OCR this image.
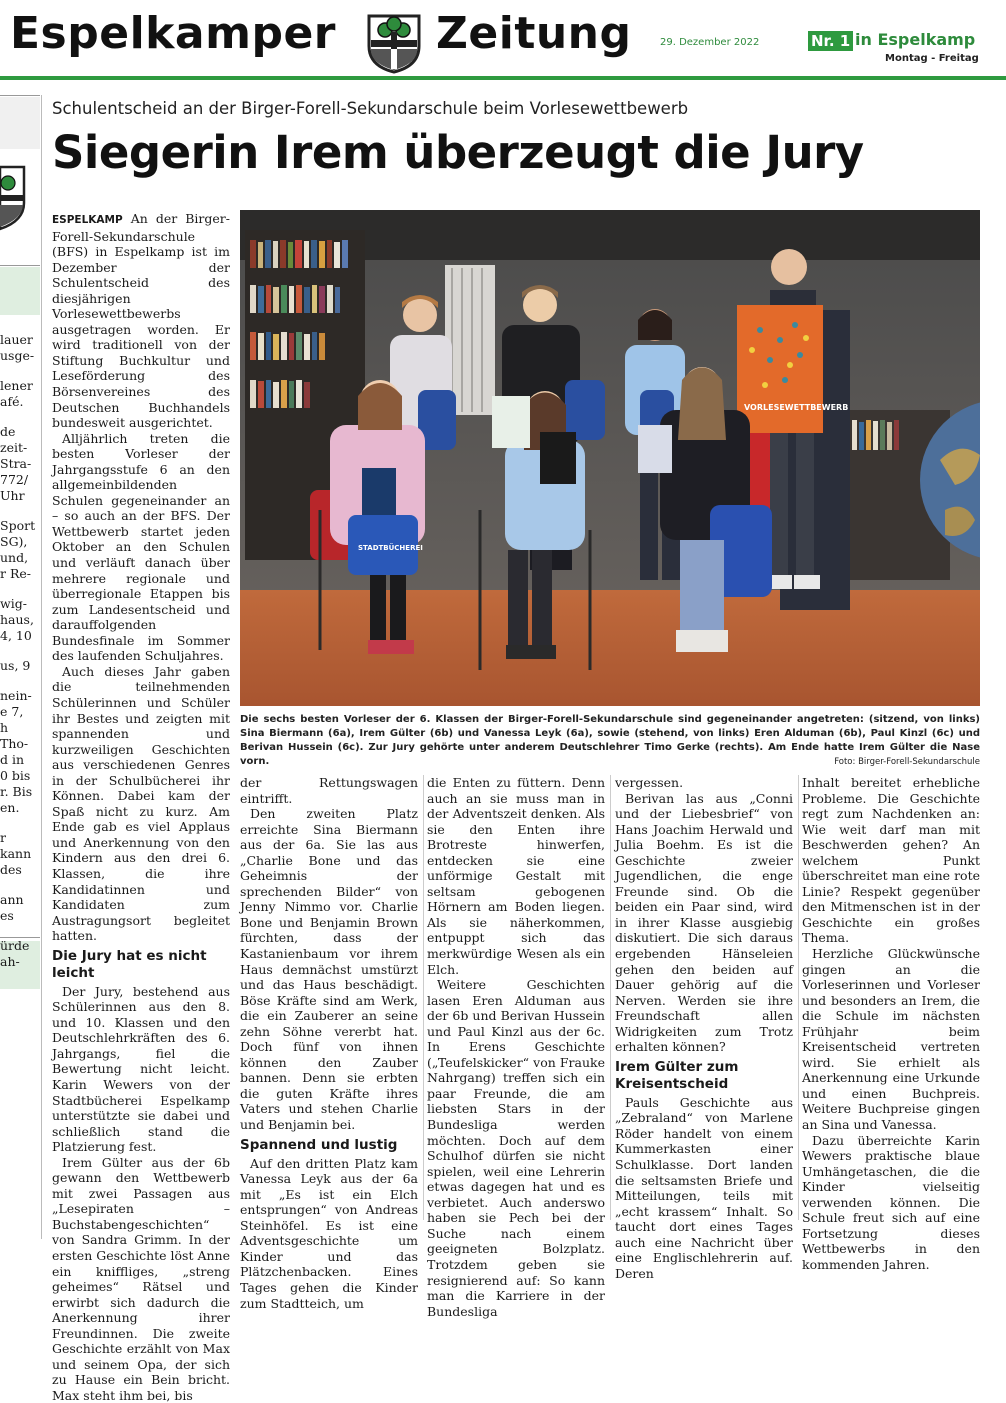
Espelkamper Zeitung	29. Dezember 2022	Nr. 1 in Espelkamp
Montag - Freitag
lauer
usge-
lener
afé.
de
zeit-
Stra-
772/
Uhr
Sport
SG),
und,
r Re-
wig-
haus,
4, 10
us, 9
nein-
e 7,
h
Tho-
d in
0 bis
r. Bis
en.
r
kann
des
ann
es
ürde
ah-
Schulentscheid an der Birger-Forell-Sekundarschule beim Vorlesewettbewerb
Siegerin Irem überzeugt die Jury

ESPELKAMP An der Birger-Forell-Sekundarschule (BFS) in Espelkamp ist im Dezember der Schulentscheid des diesjährigen Vorlesewettbewerbs ausgetragen worden. Er wird traditionell von der Stiftung Buchkultur und Leseförderung des Börsenvereines des Deutschen Buchhandels bundesweit ausgerichtet.

Alljährlich treten die besten Vorleser der Jahrgangsstufe 6 an den allgemeinbildenden Schulen gegeneinander an – so auch an der BFS. Der Wettbewerb startet jeden Oktober an den Schulen und verläuft danach über mehrere regionale und überregionale Etappen bis zum Landesentscheid und darauffolgenden Bundesfinale im Sommer des laufenden Schuljahres.

Auch dieses Jahr gaben die teilnehmenden Schülerinnen und Schüler ihr Bestes und zeigten mit spannenden und kurzweiligen Geschichten aus verschiedenen Genres in der Schulbücherei ihr Können. Dabei kam der Spaß nicht zu kurz. Am Ende gab es viel Applaus und Anerkennung von den Kindern aus den drei 6. Klassen, die ihre Kandidatinnen und Kandidaten zum Austragungsort begleitet hatten.

Die Jury hat es nicht leicht

Der Jury, bestehend aus Schülerinnen aus den 8. und 10. Klassen und den Deutschlehrkräften des 6. Jahrgangs, fiel die Bewertung nicht leicht. Karin Wewers von der Stadtbücherei Espelkamp unterstützte sie dabei und schließlich stand die Platzierung fest.

Irem Gülter aus der 6b gewann den Wettbewerb mit zwei Passagen aus „Lesepiraten – Buchstabengeschichten“ von Sandra Grimm. In der ersten Geschichte löst Anne ein kniffliges, „streng geheimes“ Rätsel und erwirbt sich dadurch die Anerkennung ihrer Freundinnen. Die zweite Geschichte erzählt von Max und seinem Opa, der sich zu Hause ein Bein bricht. Max steht ihm bei, bis

VORLESEWETTBEWERB
STADTBÜCHEREI
Die sechs besten Vorleser der 6. Klassen der Birger-Forell-Sekundarschule sind gegeneinander angetreten: (sitzend, von links) Sina Biermann (6a), Irem Gülter (6b) und Vanessa Leyk (6a), sowie (stehend, von links) Eren Alduman (6b), Paul Kinzl (6c) und Berivan Hussein (6c). Zur Jury gehörte unter anderem Deutschlehrer Timo Gerke (rechts). Am Ende hatte Irem Gülter die Nase vorn.	Foto: Birger-Forell-Sekundarschule

der Rettungswagen eintrifft.

Den zweiten Platz erreichte Sina Biermann aus der 6a. Sie las aus „Charlie Bone und das Geheimnis der sprechenden Bilder“ von Jenny Nimmo vor. Charlie Bone und Benjamin Brown fürchten, dass der Kastanienbaum vor ihrem Haus demnächst umstürzt und das Haus beschädigt. Böse Kräfte sind am Werk, die ein Zauberer an seine zehn Söhne vererbt hat. Doch fünf von ihnen können den Zauber bannen. Denn sie erbten die guten Kräfte ihres Vaters und stehen Charlie und Benjamin bei.

Spannend und lustig

Auf den dritten Platz kam Vanessa Leyk aus der 6a mit „Es ist ein Elch entsprungen“ von Andreas Steinhöfel. Es ist eine Adventsgeschichte um Kinder und das Plätzchenbacken. Eines Tages gehen die Kinder zum Stadtteich, um

die Enten zu füttern. Denn auch an sie muss man in der Adventszeit denken. Als sie den Enten ihre Brotreste hinwerfen, entdecken sie eine unförmige Gestalt mit seltsam gebogenen Hörnern am Boden liegen. Als sie näherkommen, entpuppt sich das merkwürdige Wesen als ein Elch.

Weitere Geschichten lasen Eren Alduman aus der 6b und Berivan Hussein und Paul Kinzl aus der 6c. In Erens Geschichte („Teufelskicker“ von Frauke Nahrgang) treffen sich ein paar Freunde, die am liebsten Stars in der Bundesliga werden möchten. Doch auf dem Schulhof dürfen sie nicht spielen, weil eine Lehrerin etwas dagegen hat und es verbietet. Auch anderswo haben sie Pech bei der Suche nach einem geeigneten Bolzplatz. Trotzdem geben sie resignierend auf: So kann man die Karriere in der Bundesliga

vergessen.

Berivan las aus „Conni und der Liebesbrief“ von Hans Joachim Herwald und Julia Boehm. Es ist die Geschichte zweier Jugendlichen, die enge Freunde sind. Ob die beiden ein Paar sind, wird in ihrer Klasse ausgiebig diskutiert. Die sich daraus ergebenden Hänseleien gehen den beiden auf Dauer gehörig auf die Nerven. Werden sie ihre Freundschaft allen Widrigkeiten zum Trotz erhalten können?

Irem Gülter zum Kreisentscheid

Pauls Geschichte aus „Zebraland“ von Marlene Röder handelt von einem Kummerkasten einer Schulklasse. Dort landen die seltsamsten Briefe und Mitteilungen, teils mit „echt krassem“ Inhalt. So taucht dort eines Tages auch eine Nachricht über eine Englischlehrerin auf. Deren

Inhalt bereitet erhebliche Probleme. Die Geschichte regt zum Nachdenken an: Wie weit darf man mit Beschwerden gehen? An welchem Punkt überschreitet man eine rote Linie? Respekt gegenüber den Mitmenschen ist in der Geschichte ein großes Thema.

Herzliche Glückwünsche gingen an die Vorleserinnen und Vorleser und besonders an Irem, die die Schule im nächsten Frühjahr beim Kreisentscheid vertreten wird. Sie erhielt als Anerkennung eine Urkunde und einen Buchpreis. Weitere Buchpreise gingen an Sina und Vanessa.

Dazu überreichte Karin Wewers praktische blaue Umhängetaschen, die die Kinder vielseitig verwenden können. Die Schule freut sich auf eine Fortsetzung dieses Wettbewerbs in den kommenden Jahren.
